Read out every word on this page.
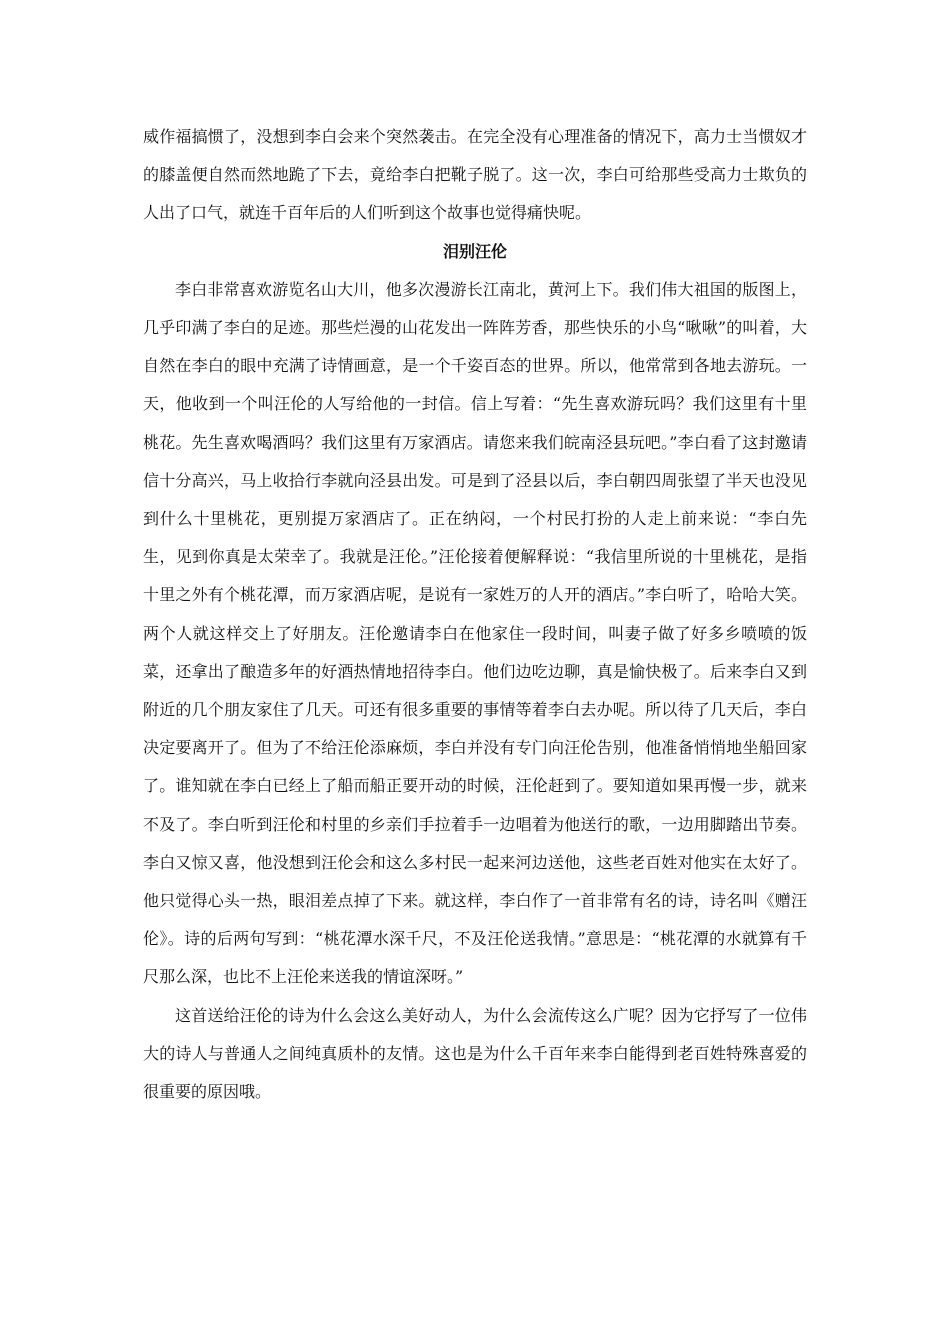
威作福搞惯了，没想到李白会来个突然袭击。在完全没有心理准备的情况下，高力士当惯奴才的膝盖便自然而然地跪了下去，竟给李白把靴子脱了。这一次，李白可给那些受高力士欺负的人出了口气，就连千百年后的人们听到这个故事也觉得痛快呢。

泪别汪伦

李白非常喜欢游览名山大川，他多次漫游长江南北，黄河上下。我们伟大祖国的版图上，几乎印满了李白的足迹。那些烂漫的山花发出一阵阵芳香，那些快乐的小鸟“啾啾”的叫着，大自然在李白的眼中充满了诗情画意，是一个千姿百态的世界。所以，他常常到各地去游玩。一天，他收到一个叫汪伦的人写给他的一封信。信上写着：“先生喜欢游玩吗？我们这里有十里桃花。先生喜欢喝酒吗？我们这里有万家酒店。请您来我们皖南泾县玩吧。”李白看了这封邀请信十分高兴，马上收拾行李就向泾县出发。可是到了泾县以后，李白朝四周张望了半天也没见到什么十里桃花，更别提万家酒店了。正在纳闷，一个村民打扮的人走上前来说：“李白先生，见到你真是太荣幸了。我就是汪伦。”汪伦接着便解释说：“我信里所说的十里桃花，是指十里之外有个桃花潭，而万家酒店呢，是说有一家姓万的人开的酒店。”李白听了，哈哈大笑。两个人就这样交上了好朋友。汪伦邀请李白在他家住一段时间，叫妻子做了好多乡喷喷的饭菜，还拿出了酿造多年的好酒热情地招待李白。他们边吃边聊，真是愉快极了。后来李白又到附近的几个朋友家住了几天。可还有很多重要的事情等着李白去办呢。所以待了几天后，李白决定要离开了。但为了不给汪伦添麻烦，李白并没有专门向汪伦告别，他准备悄悄地坐船回家了。谁知就在李白已经上了船而船正要开动的时候，汪伦赶到了。要知道如果再慢一步，就来不及了。李白听到汪伦和村里的乡亲们手拉着手一边唱着为他送行的歌，一边用脚踏出节奏。李白又惊又喜，他没想到汪伦会和这么多村民一起来河边送他，这些老百姓对他实在太好了。他只觉得心头一热，眼泪差点掉了下来。就这样，李白作了一首非常有名的诗，诗名叫《赠汪伦》。诗的后两句写到：“桃花潭水深千尺，不及汪伦送我情。”意思是：“桃花潭的水就算有千尺那么深，也比不上汪伦来送我的情谊深呀。”

这首送给汪伦的诗为什么会这么美好动人，为什么会流传这么广呢？因为它抒写了一位伟大的诗人与普通人之间纯真质朴的友情。这也是为什么千百年来李白能得到老百姓特殊喜爱的很重要的原因哦。
